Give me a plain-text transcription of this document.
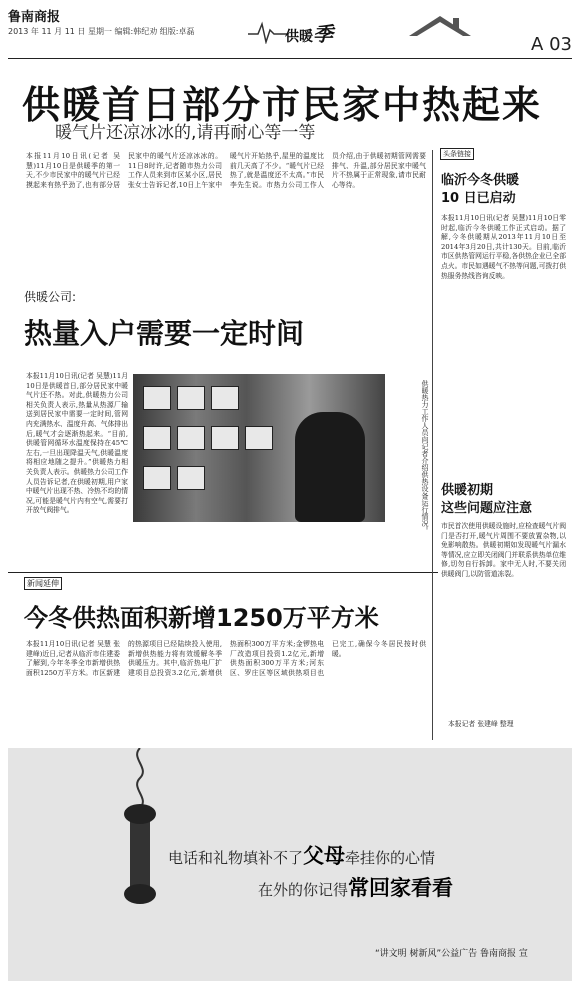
鲁南商报
2013 年 11 月 11 日 星期一 编辑:韩纪劝 组版:卓磊	供暖季	A 03
供暖首日部分市民家中热起来
暖气片还凉冰冰的,请再耐心等一等
本报11月10日讯(记者 吴慧)11月10日是供暖季的第一天,不少市民家中的暖气片已经摸起来有热乎劲了,也有部分居民家中的暖气片还凉冰冰的。11日8时许,记者随市热力公司工作人员来到市区某小区,居民张女士告诉记者,10日上午家中暖气片开始热乎,屋里的温度比前几天高了不少。“暖气片已经热了,就是温度还不太高。”市民李先生说。市热力公司工作人员介绍,由于供暖初期管网需要排气、升温,部分居民家中暖气片不热属于正常现象,请市民耐心等待。
供暖公司:
热量入户需要一定时间
本报11月10日讯(记者 吴慧)11月10日是供暖首日,部分居民家中暖气片还不热。对此,供暖热力公司相关负责人表示,热量从热源厂输送到居民家中需要一定时间,管网内充满热水、温度升高、气体排出后,暖气才会逐渐热起来。“目前,供暖管网循环水温度保持在45℃左右,一旦出现降温天气,供暖温度将相应地随之提升。”供暖热力相关负责人表示。供暖热力公司工作人员告诉记者,在供暖初期,用户家中暖气片出现不热、冷热不均的情况,可能是暖气片内有空气,需要打开放气阀排气。	供暖热力工作人员向记者介绍供热设备运行情况。
新闻延伸
今冬供热面积新增1250万平方米
本报11月10日讯(记者 吴慧 张建峰)近日,记者从临沂市住建委了解到,今年冬季全市新增供热面积1250万平方米。市区新建的热源项目已经陆续投入使用,新增供热能力将有效缓解冬季供暖压力。其中,临沂热电厂扩建项目总投资3.2亿元,新增供热面积300万平方米;金锣热电厂改造项目投资1.2亿元,新增供热面积300万平方米;河东区、罗庄区等区域供热项目也已完工,确保今冬居民按时供暖。
头条链接
临沂今冬供暖
10 日已启动
本报11月10日讯(记者 吴慧)11月10日零时起,临沂今冬供暖工作正式启动。据了解,今冬供暖期从2013年11月10日至2014年3月20日,共计130天。目前,临沂市区供热管网运行平稳,各供热企业已全部点火。市民如遇暖气不热等问题,可拨打供热服务热线咨询反映。
供暖初期
这些问题应注意
市民首次使用供暖设施时,应检查暖气片阀门是否打开,暖气片周围不要放置杂物,以免影响散热。供暖初期如发现暖气片漏水等情况,应立即关闭阀门并联系供热单位维修,切勿自行拆卸。家中无人时,不要关闭供暖阀门,以防管道冻裂。
本报记者 张建峰 整理
电话和礼物填补不了父母牵挂你的心情
在外的你记得常回家看看
“讲文明 树新风”公益广告 鲁南商报 宣
